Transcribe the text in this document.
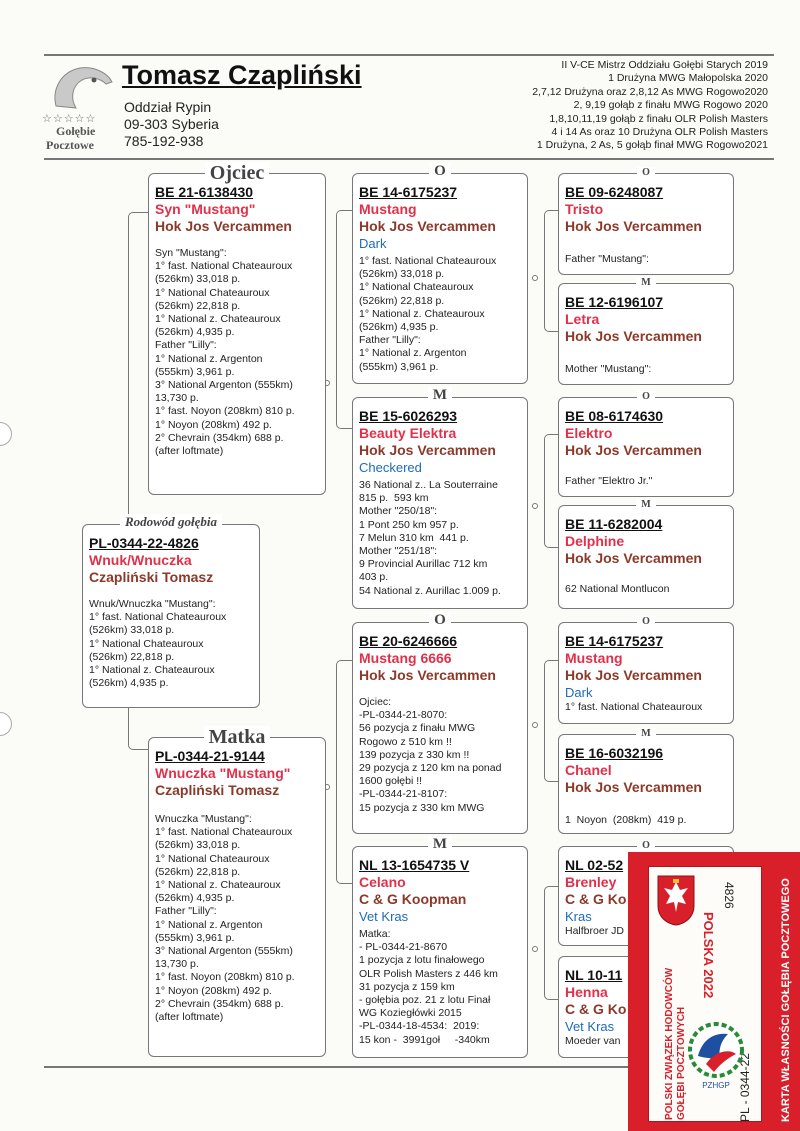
☆☆☆☆☆
Gołębie
Pocztowe
Tomasz Czapliński
Oddział Rypin
09-303 Syberia
785-192-938
II V-CE Mistrz Oddziału Gołębi Starych 2019
1 Drużyna MWG Małopolska 2020
2,7,12 Drużyna oraz 2,8,12 As MWG Rogowo2020
2, 9,19 gołąb z finału MWG Rogowo 2020
1,8,10,11,19 gołąb z finału OLR Polish Masters
4 i 14 As oraz 10 Drużyna OLR Polish Masters
1 Drużyna, 2 As, 5 gołąb finał MWG Rogowo2021
Rodowód gołębia
PL-0344-22-4826
Wnuk/Wnuczka
Czapliński Tomasz
Wnuk/Wnuczka "Mustang":
1° fast. National Chateauroux
(526km) 33,018 p.
1° National Chateauroux
(526km) 22,818 p.
1° National z. Chateauroux
(526km) 4,935 p.
Ojciec
BE 21-6138430
Syn "Mustang"
Hok Jos Vercammen
Syn "Mustang":
1° fast. National Chateauroux
(526km) 33,018 p.
1° National Chateauroux
(526km) 22,818 p.
1° National z. Chateauroux
(526km) 4,935 p.
Father "Lilly":
1° National z. Argenton
(555km) 3,961 p.
3° National Argenton (555km)
13,730 p.
1° fast. Noyon (208km) 810 p.
1° Noyon (208km) 492 p.
2° Chevrain (354km) 688 p.
(after loftmate)
Matka
PL-0344-21-9144
Wnuczka "Mustang"
Czapliński Tomasz
Wnuczka "Mustang":
1° fast. National Chateauroux
(526km) 33,018 p.
1° National Chateauroux
(526km) 22,818 p.
1° National z. Chateauroux
(526km) 4,935 p.
Father "Lilly":
1° National z. Argenton
(555km) 3,961 p.
3° National Argenton (555km)
13,730 p.
1° fast. Noyon (208km) 810 p.
1° Noyon (208km) 492 p.
2° Chevrain (354km) 688 p.
(after loftmate)
O
BE 14-6175237
Mustang
Hok Jos Vercammen
Dark
1° fast. National Chateauroux
(526km) 33,018 p.
1° National Chateauroux
(526km) 22,818 p.
1° National z. Chateauroux
(526km) 4,935 p.
Father "Lilly":
1° National z. Argenton
(555km) 3,961 p.
M
BE 15-6026293
Beauty Elektra
Hok Jos Vercammen
Checkered
36 National z.. La Souterraine
815 p.  593 km
Mother "250/18":
1 Pont 250 km 957 p.
7 Melun 310 km  441 p.
Mother "251/18":
9 Provincial Aurillac 712 km
403 p.
54 National z. Aurillac 1.009 p.
O
BE 20-6246666
Mustang 6666
Hok Jos Vercammen
Ojciec:
-PL-0344-21-8070:
56 pozycja z finału MWG
Rogowo z 510 km !!
139 pozycja z 330 km !!
29 pozycja z 120 km na ponad
1600 gołębi !!
-PL-0344-21-8107:
15 pozycja z 330 km MWG
M
NL 13-1654735 V
Celano
C & G Koopman
Vet Kras
Matka:
- PL-0344-21-8670
1 pozycja z lotu finałowego
OLR Polish Masters z 446 km
31 pozycja z 159 km
- gołębia poz. 21 z lotu Finał
WG Koziegłówki 2015
-PL-0344-18-4534:  2019:
15 kon -  3991goł     -340km
O
BE 09-6248087
Tristo
Hok Jos Vercammen
Father "Mustang":
M
BE 12-6196107
Letra
Hok Jos Vercammen
Mother "Mustang":
O
BE 08-6174630
Elektro
Hok Jos Vercammen
Father "Elektro Jr."
M
BE 11-6282004
Delphine
Hok Jos Vercammen
62 National Montlucon
O
BE 14-6175237
Mustang
Hok Jos Vercammen
Dark
1° fast. National Chateauroux
M
BE 16-6032196
Chanel
Hok Jos Vercammen
1  Noyon  (208km)  419 p.
O
NL 02-52
Brenley
C & G Ko
Kras
Halfbroer JD
NL 10-11
Henna
C & G Ko
Vet Kras
Moeder van
POLSKA 2022
4826
PL - 0344-22
POLSKI ZWIĄZEK HODOWCÓW GOŁĘBI POCZTOWYCH	KARTA WŁASNOŚCI GOŁĘBIA POCZTOWEGO
PZHGP
